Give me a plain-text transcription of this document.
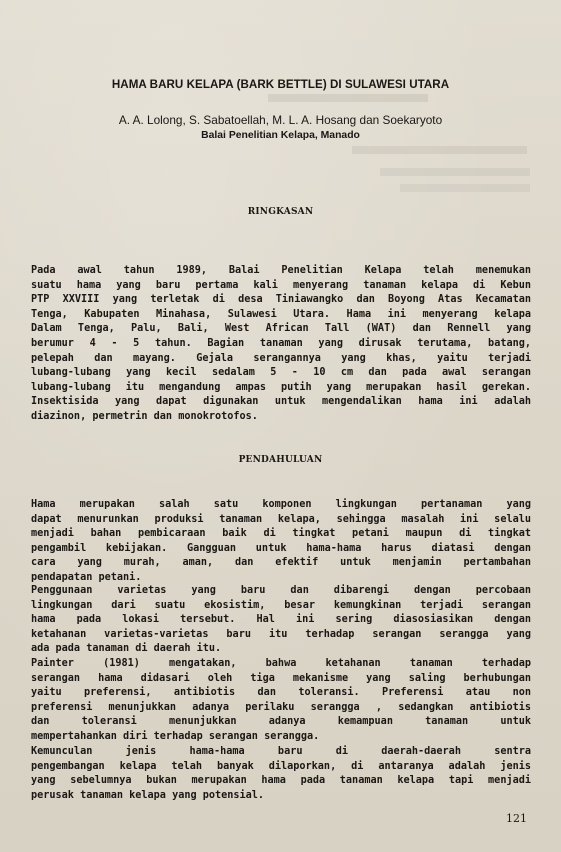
HAMA BARU KELAPA (BARK BETTLE) DI SULAWESI UTARA

A. A. Lolong, S. Sabatoellah, M. L. A. Hosang dan Soekaryoto

Balai Penelitian Kelapa, Manado

RINGKASAN
Pada awal tahun 1989, Balai Penelitian Kelapa telah menemukan
suatu hama yang baru pertama kali menyerang tanaman kelapa di Kebun
PTP XXVIII yang terletak di desa Tiniawangko dan Boyong Atas Kecamatan
Tenga, Kabupaten Minahasa, Sulawesi Utara. Hama ini menyerang kelapa
Dalam Tenga, Palu, Bali, West African Tall (WAT) dan Rennell yang
berumur 4 - 5 tahun. Bagian tanaman yang dirusak terutama, batang,
pelepah dan mayang. Gejala serangannya yang khas, yaitu terjadi
lubang-lubang yang kecil sedalam 5 - 10 cm dan pada awal serangan
lubang-lubang itu mengandung ampas putih yang merupakan hasil gerekan.
Insektisida yang dapat digunakan untuk mengendalikan hama ini adalah
diazinon, permetrin dan monokrotofos.
PENDAHULUAN
Hama merupakan salah satu komponen lingkungan pertanaman yang
dapat menurunkan produksi tanaman kelapa, sehingga masalah ini selalu
menjadi bahan pembicaraan baik di tingkat petani maupun di tingkat
pengambil kebijakan. Gangguan untuk hama-hama harus diatasi dengan
cara yang murah, aman, dan efektif untuk menjamin pertambahan
pendapatan petani.
Penggunaan varietas yang baru dan dibarengi dengan percobaan
lingkungan dari suatu ekosistim, besar kemungkinan terjadi serangan
hama pada lokasi tersebut. Hal ini sering diasosiasikan dengan
ketahanan varietas-varietas baru itu terhadap serangan serangga yang
ada pada tanaman di daerah itu.
Painter (1981) mengatakan, bahwa ketahanan tanaman terhadap
serangan hama didasari oleh tiga mekanisme yang saling berhubungan
yaitu preferensi, antibiotis dan toleransi. Preferensi atau non
preferensi menunjukkan adanya perilaku serangga , sedangkan antibiotis
dan toleransi menunjukkan adanya kemampuan tanaman untuk
mempertahankan diri terhadap serangan serangga.
Kemunculan jenis hama-hama baru di daerah-daerah sentra
pengembangan kelapa telah banyak dilaporkan, di antaranya adalah jenis
yang sebelumnya bukan merupakan hama pada tanaman kelapa tapi menjadi
perusak tanaman kelapa yang potensial.

121
